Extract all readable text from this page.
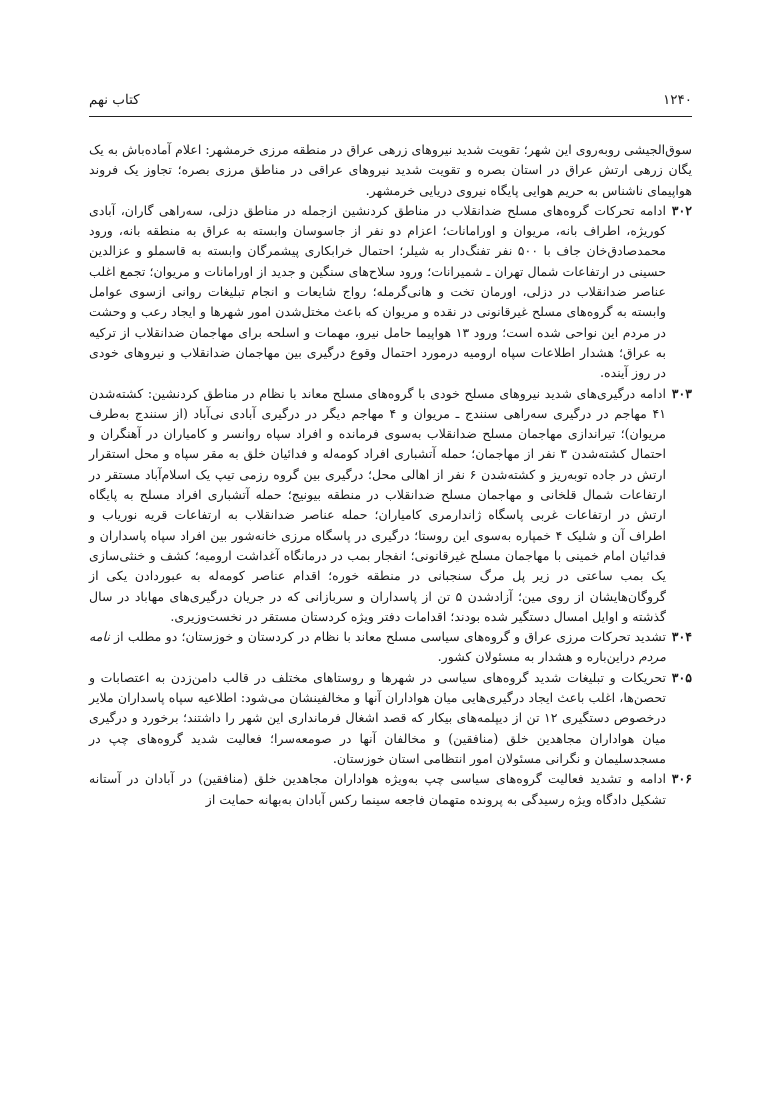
۱۲۴۰
کتاب نهم

سوق‌الجیشی روبه‌روی این شهر؛ تقویت شدید نیروهای زرهی عراق در منطقه مرزی خرمشهر: اعلام آماده‌باش به یک یگان زرهی ارتش عراق در استان بصره و تقویت شدید نیروهای عراقی در مناطق مرزی بصره؛ تجاوز یک فروند هواپیمای ناشناس به حریم هوایی پایگاه نیروی دریایی خرمشهر.

۳۰۲
ادامه تحرکات گروه‌های مسلح ضدانقلاب در مناطق کردنشین ازجمله در مناطق دزلی، سه‌راهی گاران، آبادی کوریژه، اطراف بانه، مریوان و اورامانات؛ اعزام دو نفر از جاسوسان وابسته به عراق به منطقه بانه، ورود محمدصادق‌خان جاف با ۵۰۰ نفر تفنگ‌دار به شیلر؛ احتمال خرابکاری پیشمرگان وابسته به قاسملو و عزالدین حسینی در ارتفاعات شمال تهران ـ شمیرانات؛ ورود سلاح‌های سنگین و جدید از اورامانات و مریوان؛ تجمع اغلب عناصر ضدانقلاب در دزلی، اورمان تخت و هانی‌گرمله؛ رواج شایعات و انجام تبلیغات روانی ازسوی عوامل وابسته به گروه‌های مسلح غیرقانونی در نقده و مریوان که باعث مختل‌شدن امور شهرها و ایجاد رعب و وحشت در مردم این نواحی شده است؛ ورود ۱۳ هواپیما حامل نیرو، مهمات و اسلحه برای مهاجمان ضدانقلاب از ترکیه به عراق؛ هشدار اطلاعات سپاه ارومیه درمورد احتمال وقوع درگیری بین مهاجمان ضدانقلاب و نیروهای خودی در روز آینده.
۳۰۳
ادامه درگیری‌های شدید نیروهای مسلح خودی با گروه‌های مسلح معاند با نظام در مناطق کردنشین: کشته‌شدن ۴۱ مهاجم در درگیری سه‌راهی سنندج ـ مریوان و ۴ مهاجم دیگر در درگیری آبادی نی‌آباد (از سنندج به‌طرف مریوان)؛ تیراندازی مهاجمان مسلح ضدانقلاب به‌سوی فرمانده و افراد سپاه روانسر و کامیاران در آهنگران و احتمال کشته‌شدن ۳ نفر از مهاجمان؛ حمله آتشباری افراد کومه‌له و فدائیان خلق به مقر سپاه و محل استقرار ارتش در جاده توبه‌ریز و کشته‌شدن ۶ نفر از اهالی محل؛ درگیری بین گروه رزمی تیپ یک اسلام‌آباد مستقر در ارتفاعات شمال قلخانی و مهاجمان مسلح ضدانقلاب در منطقه بیونیج؛ حمله آتشباری افراد مسلح به پایگاه ارتش در ارتفاعات غربی پاسگاه ژاندارمری کامیاران؛ حمله عناصر ضدانقلاب به ارتفاعات قریه نوریاب و اطراف آن و شلیک ۴ خمپاره به‌سوی این روستا؛ درگیری در پاسگاه مرزی خانه‌شور بین افراد سپاه پاسداران و فدائیان امام خمینی با مهاجمان مسلح غیرقانونی؛ انفجار بمب در درمانگاه آغداشت ارومیه؛ کشف و خنثی‌سازی یک بمب ساعتی در زیر پل مرگ سنجبانی در منطقه خوره؛ اقدام عناصر کومه‌له به عبوردادن یکی از گروگان‌هایشان از روی مین؛ آزادشدن ۵ تن از پاسداران و سربازانی که در جریان درگیری‌های مهاباد در سال گذشته و اوایل امسال دستگیر شده بودند؛ اقدامات دفتر ویژه کردستان مستقر در نخست‌وزیری.
۳۰۴
تشدید تحرکات مرزی عراق و گروه‌های سیاسی مسلح معاند با نظام در کردستان و خوزستان؛ دو مطلب از نامه مردم دراین‌باره و هشدار به مسئولان کشور.
۳۰۵
تحریکات و تبلیغات شدید گروه‌های سیاسی در شهرها و روستاهای مختلف در قالب دامن‌زدن به اعتصابات و تحصن‌ها، اغلب باعث ایجاد درگیری‌هایی میان هواداران آنها و مخالفینشان می‌شود: اطلاعیه سپاه پاسداران ملایر درخصوص دستگیری ۱۲ تن از دیپلمه‌های بیکار که قصد اشغال فرمانداری این شهر را داشتند؛ برخورد و درگیری میان هواداران مجاهدین خلق (منافقین) و مخالفان آنها در صومعه‌سرا؛ فعالیت شدید گروه‌های چپ در مسجدسلیمان و نگرانی مسئولان امور انتظامی استان خوزستان.
۳۰۶
ادامه و تشدید فعالیت گروه‌های سیاسی چپ به‌ویژه هواداران مجاهدین خلق (منافقین) در آبادان در آستانه تشکیل دادگاه ویژه رسیدگی به پرونده متهمان فاجعه سینما رکس آبادان به‌بهانه حمایت از
